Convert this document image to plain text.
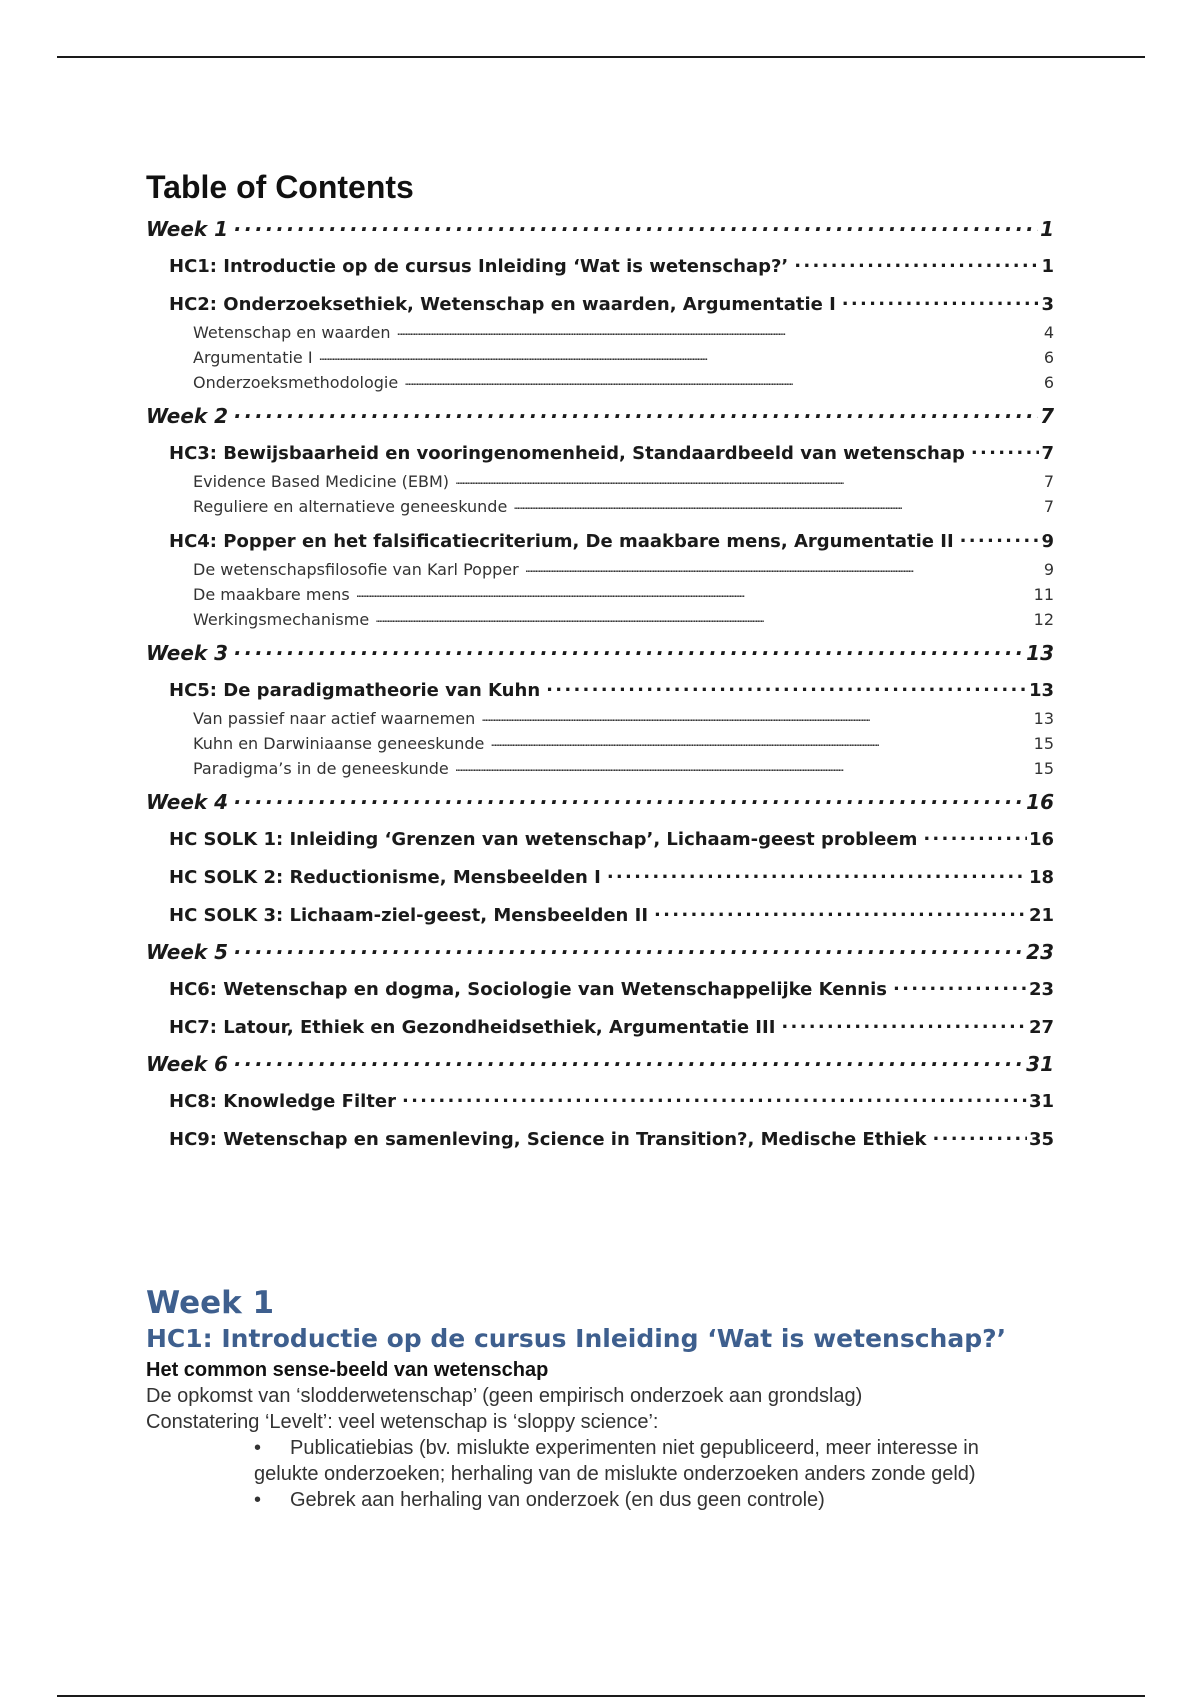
Table of Contents
Week 1 . . .	1
HC1: Introductie op de cursus Inleiding ‘Wat is wetenschap?’ . . .	1
HC2: Onderzoeksethiek, Wetenschap en waarden, Argumentatie I . . .	3
Wetenschap en waarden . . .	4
Argumentatie I . . .	6
Onderzoeksmethodologie . . .	6
Week 2 . . .	7
HC3: Bewijsbaarheid en vooringenomenheid, Standaardbeeld van wetenschap . . .	7
Evidence Based Medicine (EBM) . . .	7
Reguliere en alternatieve geneeskunde . . .	7
HC4: Popper en het falsificatiecriterium, De maakbare mens, Argumentatie II . . .	9
De wetenschapsfilosofie van Karl Popper . . .	9
De maakbare mens . . .	11
Werkingsmechanisme . . .	12
Week 3 . . .	13
HC5: De paradigmatheorie van Kuhn . . .	13
Van passief naar actief waarnemen . . .	13
Kuhn en Darwiniaanse geneeskunde . . .	15
Paradigma’s in de geneeskunde . . .	15
Week 4 . . .	16
HC SOLK 1: Inleiding ‘Grenzen van wetenschap’, Lichaam-geest probleem . . .	16
HC SOLK 2: Reductionisme, Mensbeelden I . . .	18
HC SOLK 3: Lichaam-ziel-geest, Mensbeelden II . . .	21
Week 5 . . .	23
HC6: Wetenschap en dogma, Sociologie van Wetenschappelijke Kennis . . .	23
HC7: Latour, Ethiek en Gezondheidsethiek, Argumentatie III . . .	27
Week 6 . . .	31
HC8: Knowledge Filter . . .	31
HC9: Wetenschap en samenleving, Science in Transition?, Medische Ethiek . . .	35
Week 1
HC1: Introductie op de cursus Inleiding ‘Wat is wetenschap?’
Het common sense-beeld van wetenschap

De opkomst van ‘slodderwetenschap’ (geen empirisch onderzoek aan grondslag)

Constatering ‘Levelt’: veel wetenschap is ‘sloppy science’:

• Publicatiebias (bv. mislukte experimenten niet gepubliceerd, meer interesse in gelukte onderzoeken; herhaling van de mislukte onderzoeken anders zonde geld)
• Gebrek aan herhaling van onderzoek (en dus geen controle)
